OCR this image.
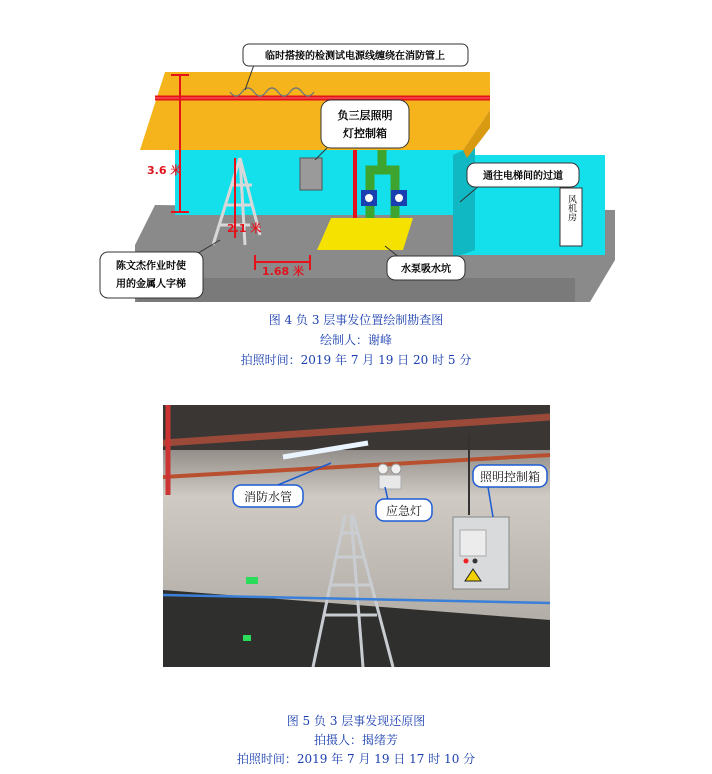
风机房
3.6 米
2.1 米
1.68 米
临时搭接的检测试电源线缠绕在消防管上
负三层照明
灯控制箱
通往电梯间的过道
陈文杰作业时使
用的金属人字梯
水泵吸水坑
图 4 负 3 层事发位置绘制勘查图
绘制人：谢峰
拍照时间：2019 年 7 月 19 日 20 时 5 分
消防水管
应急灯
照明控制箱
图 5 负 3 层事发现还原图
拍摄人：揭绪芳
拍照时间：2019 年 7 月 19 日 17 时 10 分
